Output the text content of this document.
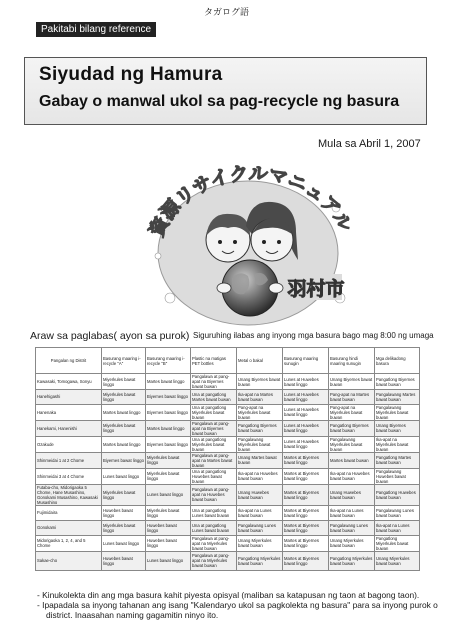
タガログ語
Pakitabi bilang reference
Siyudad ng Hamura
Gabay o manwal ukol sa pag-recycle ng basura
Mula sa Abril 1, 2007
資源リサイクルマニュアル
羽村市
Araw sa paglabas( ayon sa purok) Siguruhing ilabas ang inyong mga basura bago mag 8:00 ng umaga
Pangalan ng Distrit	Basurang maaring i-recycle "A"	Basurang maaring i-recycle "B"	Plastic na matigas PET bottles	Metal o bakal	Basurang maaring sunugin	Basurang hindi maaring sunugin	Mga delikadong basura
Kawasaki, Tomogawa, Sonyu	Miyerkules bawat linggo	Martes bawat linggo	Pangalawa at pang-apat na Biyernes bawat buwan	Unang Biyernes bawat buwan	Lunes at Huwebes bawat linggo	Unang Biyernes bawat buwan	Pangatlong Biyernes bawat buwan
Hanehigashi	Miyerkules bawat linggo	Biyernes bawat linggo	Una at pangatlong Martes bawat buwan	Ika-apat na Martes bawat buwan	Lunes at Huwebes bawat linggo	Pang-apat na Martes bawat buwan	Pangalawang Martes bawat buwan
Hanenaka	Martes bawat linggo	Biyernes bawat linggo	Una at pangatlong Miyerkules bawat buwan	Pang-apat na Miyerkules bawat buwan	Lunes at Huwebes bawat linggo	Pang-apat na Miyerkules bawat buwan	Pangalawang Miyerkules bawat buwan
Hanekami, Hanenishi	Miyerkules bawat linggo	Martes bawat linggo	Pangalawa at pang-apat na Biyernes bawat buwan	Pangatlong Biyernes bawat buwan	Lunes at Huwebes bawat linggo	Pangatlong Biyernes bawat buwan	Unang Biyernes bawat buwan
Ozakude	Martes bawat linggo	Biyernes bawat linggo	Una at pangatlong Miyerkules bawat buwan	Pangalawang Miyerkules bawat buwan	Lunes at Huwebes bawat linggo	Pangalawang Miyerkules bawat buwan	Ika-apat na Miyerkules bawat buwan
Shinmeidai 1 at 2 Chome	Biyernes bawat linggo	Miyerkules bawat linggo	Pangalawa at pang-apat na Martes bawat buwan	Unang Martes bawat buwan	Martes at Biyernes bawat linggo	Martes bawat buwan	Pangatlong Martes bawat buwan
Shinmeidai 3 at 4 Chome	Lunes bawat linggo	Miyerkules bawat linggo	Una at pangatlong Huwebes bawat buwan	Ika-apat na Huwebes bawat buwan	Martes at Biyernes bawat linggo	Ika-apat na Huwebes bawat buwan	Pangalawang Huwebes bawat buwan
Futaba-cho, Midorigaoka 5 Chome, Hane Musashino, Gonokami Musashino, Kawasaki Musashino	Miyerkules bawat linggo	Lunes bawat linggo	Pangalawa at pang-apat na Huwebes bawat buwan	Unang Huwebes bawat buwan	Martes at Biyernes bawat linggo	Unang Huwebes bawat buwan	Pangatlong Huwebes bawat buwan
Fujimidaira	Huwebes bawat linggo	Miyerkules bawat linggo	Una at pangatlong Lunes bawat buwan	Ika-apat na Lunes bawat buwan	Martes at Biyernes bawat linggo	Ika-apat na Lunes bawat buwan	Pangalawang Lunes bawat buwan
Gonokami	Miyerkules bawat linggo	Huwebes bawat linggo	Una at pangatlong Lunes bawat buwan	Pangalawang Lunes bawat buwan	Martes at Biyernes bawat linggo	Pangalawang Lunes bawat buwan	Ika-apat na Lunes bawat buwan
Midorigaoka 1, 2, 4, and 5 Chome	Lunes bawat linggo	Huwebes bawat linggo	Pangalawa at pang-apat na Miyerkules bawat buwan	Unang Miyerkules bawat buwan	Martes at Biyernes bawat linggo	Unang Miyerkules bawat buwan	Pangatlong Miyerkules bawat buwan
Sakae-cho	Huwebes bawat linggo	Lunes bawat linggo	Pangalawa at pang-apat na Miyerkules bawat buwan	Pangatlong Miyerkules bawat buwan	Martes at Biyernes bawat linggo	Pangatlong Miyerkules bawat buwan	Unang Miyerkules bawat buwan
- Kinukolekta din ang mga basura kahit piyesta opisyal (maliban sa katapusan ng taon at bagong taon).
- Ipapadala sa inyong tahanan ang isang "Kalendaryo ukol sa pagkolekta ng basura" para sa inyong purok o district. Inaasahan naming gagamitin ninyo ito.
